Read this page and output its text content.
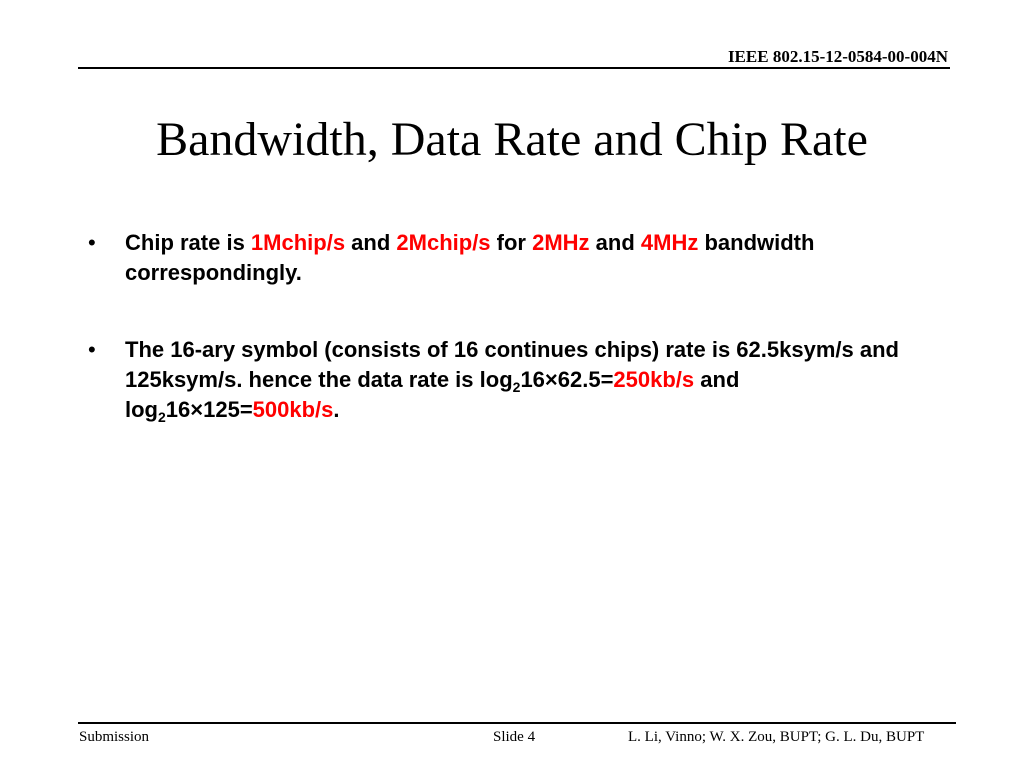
IEEE 802.15-12-0584-00-004N
Bandwidth, Data Rate and Chip Rate
•	Chip rate is 1Mchip/s and 2Mchip/s for 2MHz and 4MHz bandwidth correspondingly.
•	The 16-ary symbol (consists of 16 continues chips) rate is 62.5ksym/s and 125ksym/s. hence the data rate is $\log_216\times 62.5=250kb/s$ and $\log_216\times 125=500kb/s$.
Submission	Slide 4	L. Li, Vinno; W. X. Zou, BUPT; G. L. Du, BUPT
